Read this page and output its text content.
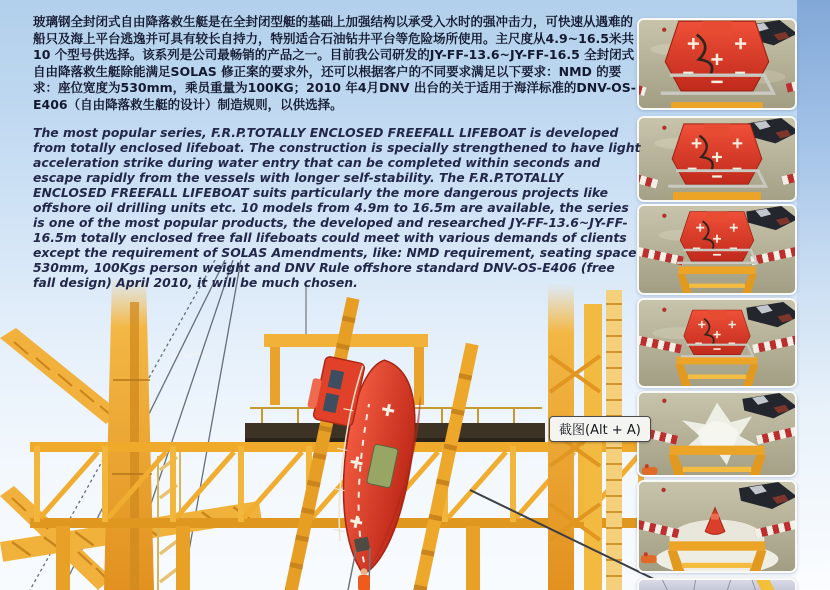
玻璃钢全封闭式自由降落救生艇是在全封闭型艇的基础上加强结构以承受入水时的强冲击力，可快速从遇难的船只及海上平台逃逸并可具有较长自持力，特别适合石油钻井平台等危险场所使用。主尺度从4.9~16.5米共10 个型号供选择。该系列是公司最畅销的产品之一。目前我公司研发的JY-FF-13.6~JY-FF-16.5 全封闭式自由降落救生艇除能满足SOLAS 修正案的要求外，还可以根据客户的不同要求满足以下要求：NMD 的要求：座位宽度为530mm，乘员重量为100KG；2010 年4月DNV 出台的关于适用于海洋标准的DNV-OS-E406（自由降落救生艇的设计）制造规则，以供选择。
The most popular series, F.R.P.TOTALLY ENCLOSED FREEFALL LIFEBOAT is developed from totally enclosed lifeboat. The construction is specially strengthened to have light acceleration strike during water entry that can be completed within seconds and escape rapidly from the vessels with longer self-stability. The F.R.P.TOTALLY ENCLOSED FREEFALL LIFEBOAT suits particularly the more dangerous projects like offshore oil drilling units etc. 10 models from 4.9m to 16.5m are available, the series is one of the most popular products, the developed and researched JY-FF-13.6~JY-FF-16.5m totally enclosed free fall lifeboats could meet with various demands of clients except the requirement of SOLAS Amendments, like: NMD requirement, seating space 530mm, 100Kgs person weight and DNV Rule offshore standard DNV-OS-E406 (free fall design) April 2010, it will be much chosen.
截图(Alt + A)
